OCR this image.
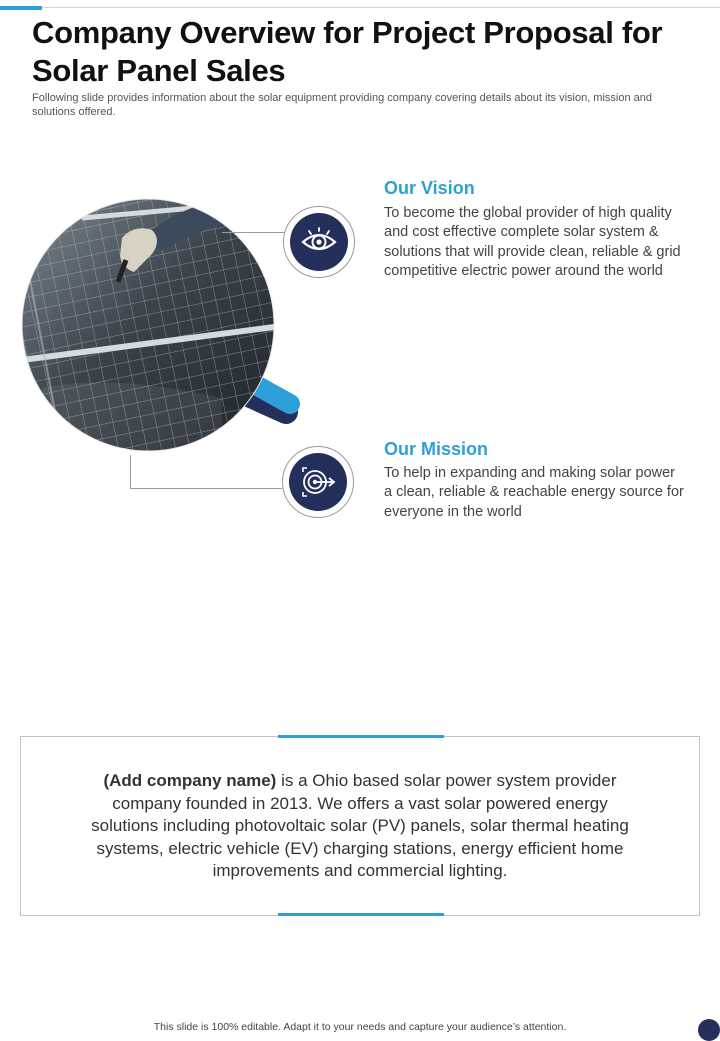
Company Overview for Project Proposal for Solar Panel Sales

Following slide provides information about the solar equipment providing company covering details about its vision, mission and solutions offered.

Our Vision

To become the global provider of high quality and cost effective complete solar system & solutions that will provide clean, reliable & grid competitive electric power around the world

Our Mission

To help in expanding and making solar power a clean, reliable & reachable energy source for everyone in the world

(Add company name) is a Ohio based solar power system provider company founded in 2013. We offers a vast solar powered energy solutions including photovoltaic solar (PV) panels, solar thermal heating systems, electric vehicle (EV) charging stations, energy efficient home improvements and commercial lighting.

This slide is 100% editable. Adapt it to your needs and capture your audience’s attention.
